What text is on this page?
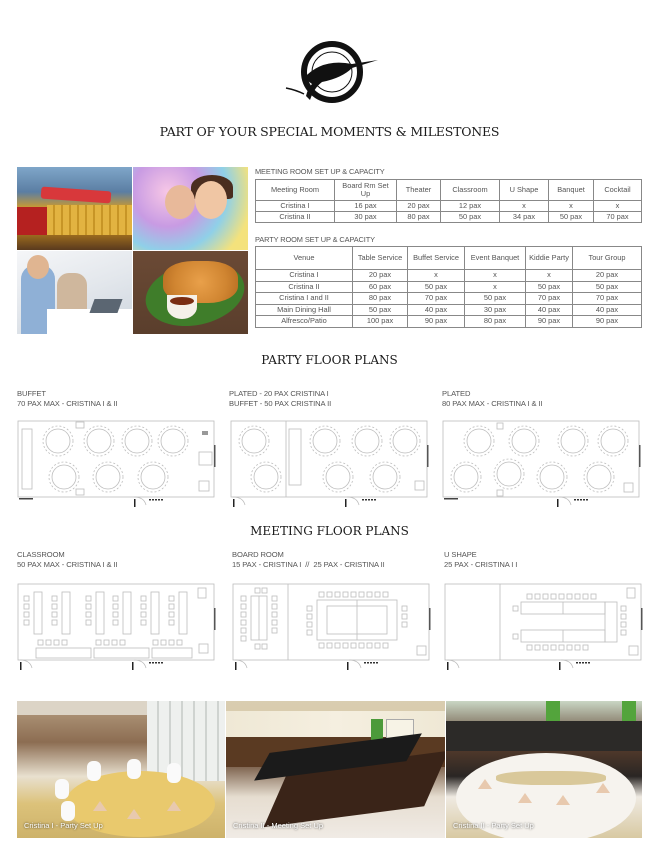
PART OF YOUR SPECIAL MOMENTS & MILESTONES
MEETING ROOM SET UP & CAPACITY
Meeting Room	Board Rm Set Up	Theater	Classroom	U Shape	Banquet	Cocktail
Cristina I	16 pax	20 pax	12 pax	x	x	x
Cristina II	30 pax	80 pax	50 pax	34 pax	50 pax	70 pax
PARTY ROOM SET UP & CAPACITY
Venue	Table Service	Buffet Service	Event Banquet	Kiddie Party	Tour Group
Cristina I	20 pax	x	x	x	20 pax
Cristina II	60 pax	50 pax	x	50 pax	50 pax
Cristina I and II	80 pax	70 pax	50 pax	70 pax	70 pax
Main Dining Hall	50 pax	40 pax	30 pax	40 pax	40 pax
Alfresco/Patio	100 pax	90 pax	80 pax	90 pax	90 pax
PARTY FLOOR PLANS
BUFFET
70 PAX MAX - CRISTINA I & II
PLATED - 20 PAX CRISTINA I
BUFFET - 50 PAX CRISTINA II
PLATED
80 PAX MAX - CRISTINA I & II
MEETING FLOOR PLANS
CLASSROOM
50 PAX MAX - CRISTINA I & II
BOARD ROOM
15 PAX - CRISTINA I  //  25 PAX - CRISTINA II
U SHAPE
25 PAX - CRISTINA I I
Cristina I - Party Set Up	Cristina II - Meeting Set Up	Cristina II - Party Set Up
